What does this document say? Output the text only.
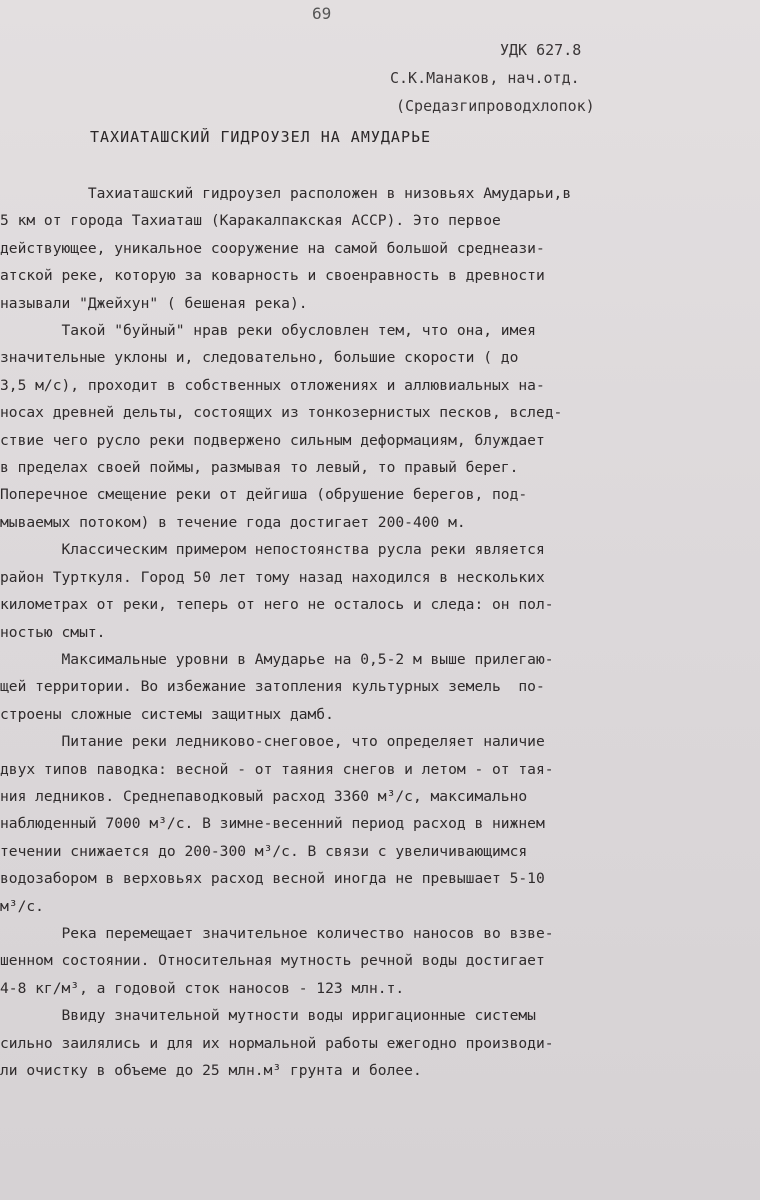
69
УДК 627.8
С.К.Манаков, нач.отд.
(Средазгипроводхлопок)
ТАХИАТАШСКИЙ ГИДРОУЗЕЛ НА АМУДАРЬЕ
Тахиаташский гидроузел расположен в низовьях Амударьи,в
5 км от города Тахиаташ (Каракалпакская АССР). Это первое
действующее, уникальное сооружение на самой большой среднеази-
атской реке, которую за коварность и своенравность в древности
называли "Джейхун" ( бешеная река).
Такой "буйный" нрав реки обусловлен тем, что она, имея
значительные уклоны и, следовательно, большие скорости ( до
3,5 м/с), проходит в собственных отложениях и аллювиальных на-
носах древней дельты, состоящих из тонкозернистых песков, вслед-
ствие чего русло реки подвержено сильным деформациям, блуждает
в пределах своей поймы, размывая то левый, то правый берег.
Поперечное смещение реки от дейгиша (обрушение берегов, под-
мываемых потоком) в течение года достигает 200-400 м.
Классическим примером непостоянства русла реки является
район Турткуля. Город 50 лет тому назад находился в нескольких
километрах от реки, теперь от него не осталось и следа: он пол-
ностью смыт.
Максимальные уровни в Амударье на 0,5-2 м выше прилегаю-
щей территории. Во избежание затопления культурных земель  по-
строены сложные системы защитных дамб.
Питание реки ледниково-снеговое, что определяет наличие
двух типов паводка: весной - от таяния снегов и летом - от тая-
ния ледников. Среднепаводковый расход 3360 м³/с, максимально
наблюденный 7000 м³/с. В зимне-весенний период расход в нижнем
течении снижается до 200-300 м³/с. В связи с увеличивающимся
водозабором в верховьях расход весной иногда не превышает 5-10
м³/с.
Река перемещает значительное количество наносов во взве-
шенном состоянии. Относительная мутность речной воды достигает
4-8 кг/м³, а годовой сток наносов - 123 млн.т.
Ввиду значительной мутности воды ирригационные системы
сильно заилялись и для их нормальной работы ежегодно производи-
ли очистку в объеме до 25 млн.м³ грунта и более.
